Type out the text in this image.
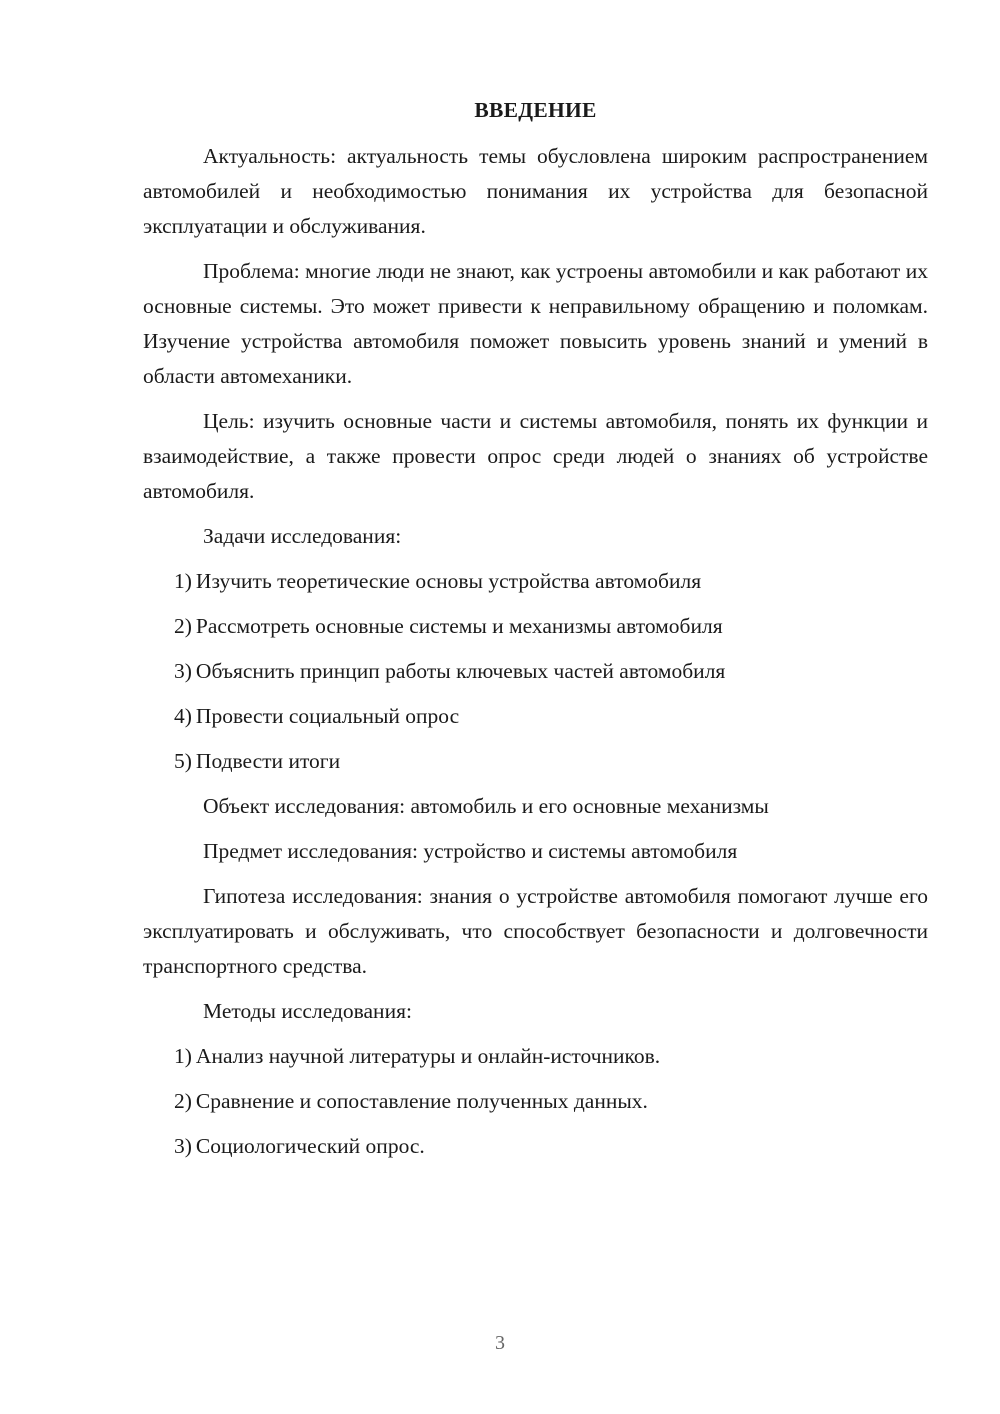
ВВЕДЕНИЕ

Актуальность: актуальность темы обусловлена широким распространением автомобилей и необходимостью понимания их устройства для безопасной эксплуатации и обслуживания.

Проблема: многие люди не знают, как устроены автомобили и как работают их основные системы. Это может привести к неправильному обращению и поломкам. Изучение устройства автомобиля поможет повысить уровень знаний и умений в области автомеханики.

Цель: изучить основные части и системы автомобиля, понять их функции и взаимодействие, а также провести опрос среди людей о знаниях об устройстве автомобиля.

Задачи исследования:

1) Изучить теоретические основы устройства автомобиля
2) Рассмотреть основные системы и механизмы автомобиля
3) Объяснить принцип работы ключевых частей автомобиля
4) Провести социальный опрос
5) Подвести итоги

Объект исследования: автомобиль и его основные механизмы

Предмет исследования: устройство и системы автомобиля

Гипотеза исследования: знания о устройстве автомобиля помогают лучше его эксплуатировать и обслуживать, что способствует безопасности и долговечности транспортного средства.

Методы исследования:

1) Анализ научной литературы и онлайн-источников.
2) Сравнение и сопоставление полученных данных.
3) Социологический опрос.
3
